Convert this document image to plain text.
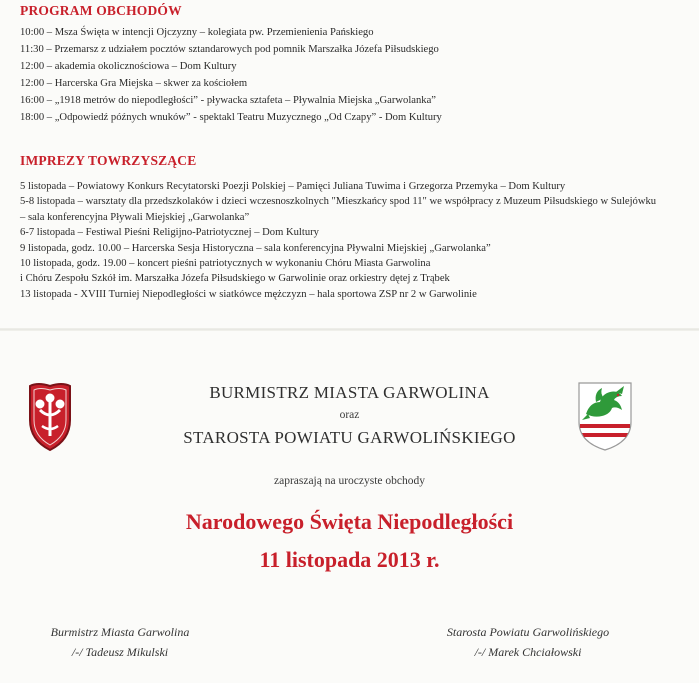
PROGRAM OBCHODÓW
10:00 – Msza Święta w intencji Ojczyzny – kolegiata pw. Przemienienia Pańskiego
11:30 – Przemarsz z udziałem pocztów sztandarowych pod pomnik Marszałka Józefa Piłsudskiego
12:00 – akademia okolicznościowa – Dom Kultury
12:00 – Harcerska Gra Miejska – skwer za kościołem
16:00 – „1918 metrów do niepodległości” - pływacka sztafeta – Pływalnia Miejska „Garwolanka”
18:00 – „Odpowiedź późnych wnuków” - spektakl Teatru Muzycznego „Od Czapy” - Dom Kultury
IMPREZY TOWRZYSZĄCE
5 listopada – Powiatowy Konkurs Recytatorski Poezji Polskiej – Pamięci Juliana Tuwima i Grzegorza Przemyka – Dom Kultury
5-8 listopada – warsztaty dla przedszkolaków i dzieci wczesnoszkolnych "Mieszkańcy spod 11" we współpracy z Muzeum Piłsudskiego w Sulejówku
– sala konferencyjna Pływali Miejskiej „Garwolanka”
6-7 listopada – Festiwal Pieśni Religijno-Patriotycznej – Dom Kultury
9 listopada, godz. 10.00 – Harcerska Sesja Historyczna – sala konferencyjna Pływalni Miejskiej „Garwolanka”
10 listopada, godz. 19.00 – koncert pieśni patriotycznych w wykonaniu Chóru Miasta Garwolina
i Chóru Zespołu Szkół im. Marszałka Józefa Piłsudskiego w Garwolinie oraz orkiestry dętej z Trąbek
13 listopada - XVIII Turniej Niepodległości w siatkówce mężczyzn – hala sportowa ZSP nr 2 w Garwolinie

BURMISTRZ MIASTA GARWOLINA

oraz

STAROSTA POWIATU GARWOLIŃSKIEGO

zapraszają na uroczyste obchody

Narodowego Święta Niepodległości

11 listopada 2013 r.

Burmistrz Miasta Garwolina
/-/ Tadeusz Mikulski
Starosta Powiatu Garwolińskiego
/-/ Marek Chciałowski
